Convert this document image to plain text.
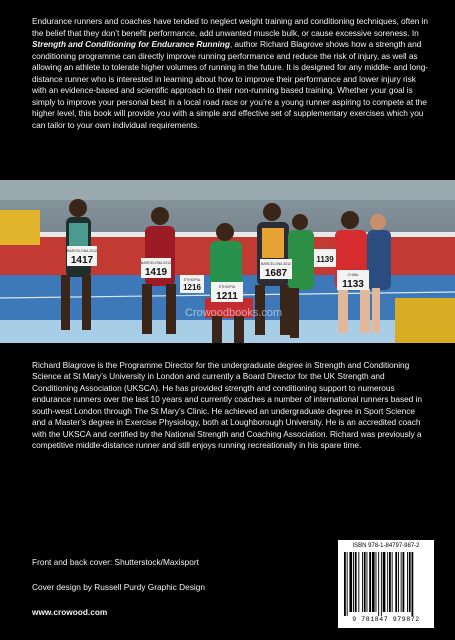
Endurance runners and coaches have tended to neglect weight training and conditioning techniques, often in the belief that they don’t benefit performance, add unwanted muscle bulk, or cause excessive soreness. In Strength and Conditioning for Endurance Running, author Richard Blagrove shows how a strength and conditioning programme can directly improve running performance and reduce the risk of injury, as well as allowing an athlete to tolerate higher volumes of running in the future. It is designed for any middle- and long-distance runner who is interested in learning about how to improve their performance and lower injury risk with an evidence-based and scientific approach to their non-running based training. Whether your goal is simply to improve your personal best in a local road race or you’re a young runner aspiring to compete at the higher level, this book will provide you with a simple and effective set of supplementary exercises which you can tailor to your own individual requirements.
BARCELONA 2012
1417	BARCELONA 2012
1419
ETHIOPIA
1216
BARCELONA 2012
1687
ETHIOPIA
1211
CHINA
1133
1139
Crowoodbooks.com
Richard Blagrove is the Programme Director for the undergraduate degree in Strength and Conditioning Science at St Mary’s University in London and currently a Board Director for the UK Strength and Conditioning Association (UKSCA). He has provided strength and conditioning support to numerous endurance runners over the last 10 years and currently coaches a number of international runners based in south-west London through The St Mary’s Clinic. He achieved an undergraduate degree in Sport Science and a Master’s degree in Exercise Physiology, both at Loughborough University. He is an accredited coach with the UKSCA and certified by the National Strength and Coaching Association. Richard was previously a competitive middle-distance runner and still enjoys running recreationally in his spare time.
Front and back cover: Shutterstock/Maxisport
Cover design by Russell Purdy Graphic Design
www.crowood.com
ISBN 978-1-84797-987-2
9 781847 979872
